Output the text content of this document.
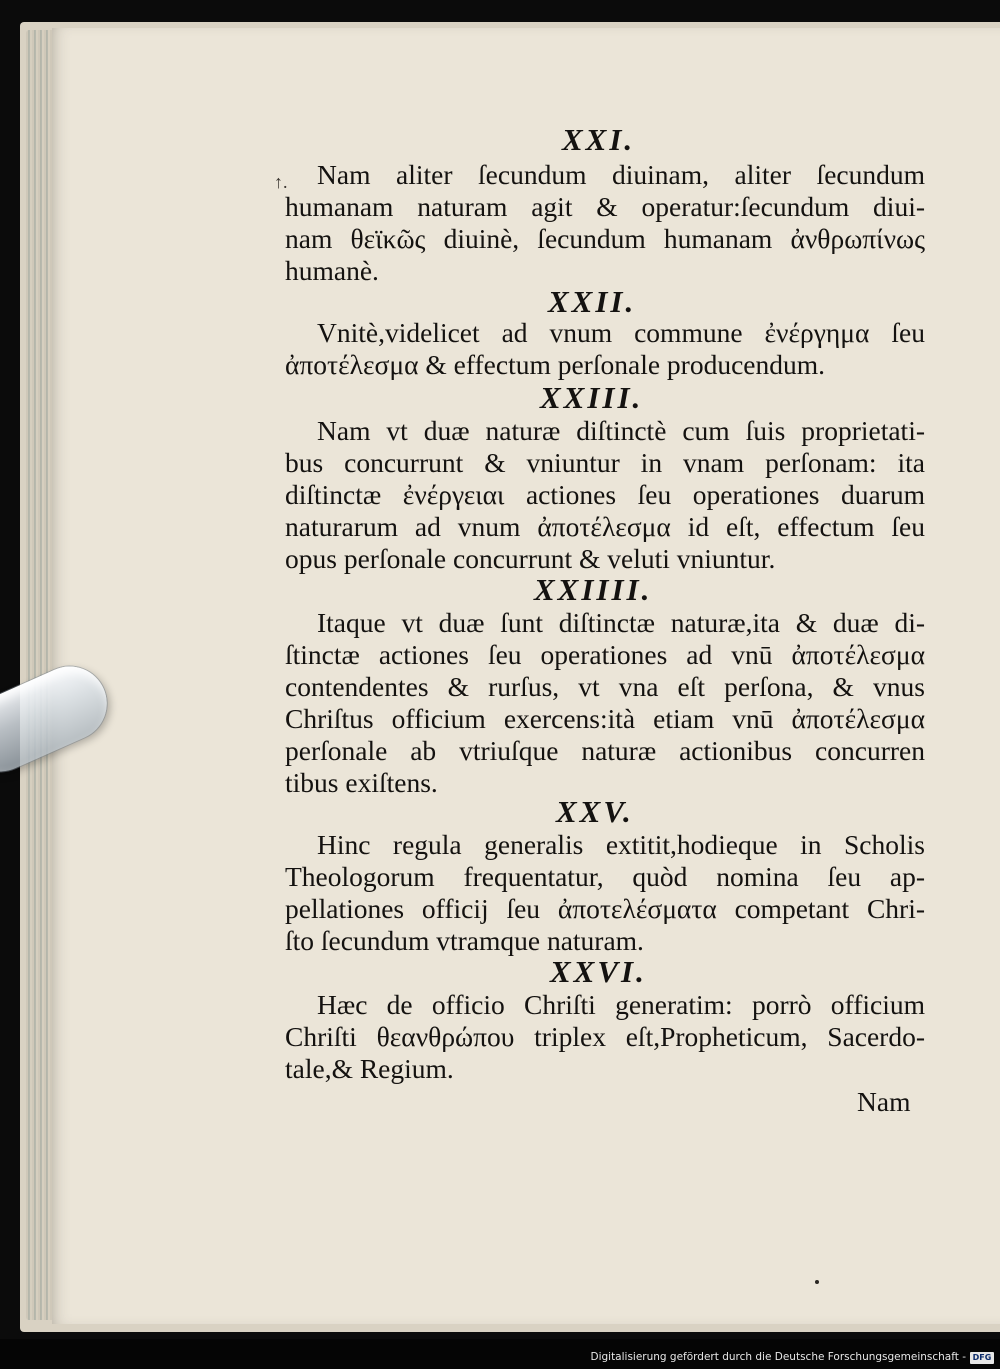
↑.
XXI.
Nam aliter ſecundum diuinam, aliter ſecundum
humanam naturam agit & operatur:ſecundum diui-
nam θεϊκῶς diuinè, ſecundum humanam ἀνθρωπίνως
humanè.
XXII.
Vnitè,videlicet ad vnum commune ἐνέργημα ſeu
ἀποτέλεσμα & effectum perſonale producendum.
XXIII.
Nam vt duæ naturæ diſtinctè cum ſuis proprietati-
bus concurrunt & vniuntur in vnam perſonam: ita
diſtinctæ ἐνέργειαι actiones ſeu operationes duarum
naturarum ad vnum ἀποτέλεσμα id eſt, effectum ſeu
opus perſonale concurrunt & veluti vniuntur.
XXIIII.
Itaque vt duæ ſunt diſtinctæ naturæ,ita & duæ di-
ſtinctæ actiones ſeu operationes ad vnū ἀποτέλεσμα
contendentes & rurſus, vt vna eſt perſona, & vnus
Chriſtus officium exercens:ità etiam vnū ἀποτέλεσμα
perſonale ab vtriuſque naturæ actionibus concurren
tibus exiſtens.
XXV.
Hinc regula generalis extitit,hodieque in Scholis
Theologorum frequentatur, quòd nomina ſeu ap-
pellationes officij ſeu ἀποτελέσματα competant Chri-
ſto ſecundum vtramque naturam.
XXVI.
Hæc de officio Chriſti generatim: porrò officium
Chriſti θεανθρώπου triplex eſt,Propheticum, Sacerdo-
tale,& Regium.
Nam
Digitalisierung gefördert durch die Deutsche Forschungsgemeinschaft - DFG
